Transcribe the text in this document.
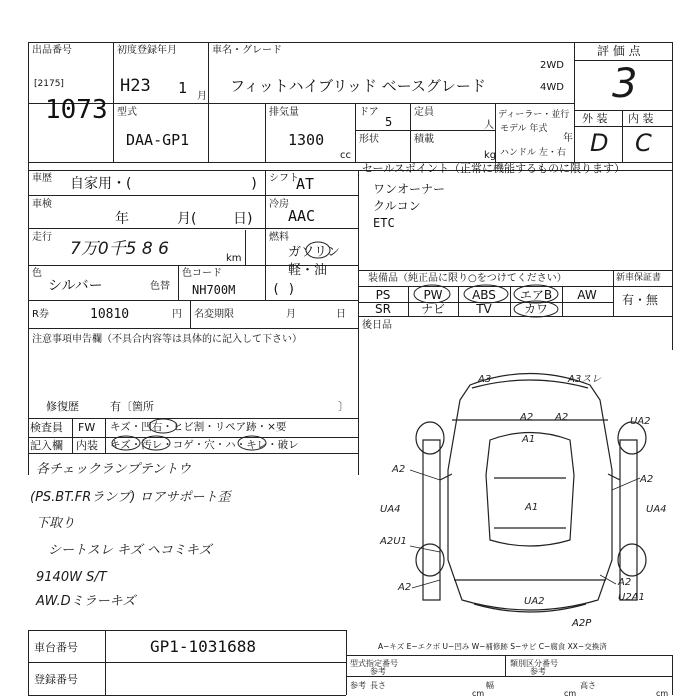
出品番号
[2175]
1073
初度登録年月
H23 1 月
車名・グレード
フィットハイブリッド ベースグレード
2WD
4WD
評 価 点
3
型式
DAA-GP1
排気量
1300
cc
ドア
5
定員
人
形状	積載
kg
ディーラー・並行
モデル 年式
年
ハンドル 左・右
外 装 内 装
D C
車歴 自家用・(	) シフト
AT
車検
年	月(	日)
冷房
AAC
走行
7万0千5 8 6	km
燃料
ガソリン
軽・油
( )
色
シルバー	色替
色コード
NH700M
セールスポイント（正常に機能するものに限ります）
ワンオーナー
クルコン
ETC
装備品（純正品に限り○をつけてください）
PS	PW	ABS	エアB	AW
SR	ナビ	TV	カワ
新車保証書
有・無
R券	10810	円 名変期限	月	日
後日品
注意事項申告欄（不具合内容等は具体的に記入して下さい）
修復歴	有〔箇所	〕
検査員
記入欄
FW
内装
キズ・凹右・ヒビ割・リペア跡・×要
キズ・汚レ・コゲ・穴・ハ・キレ・破レ
各チェックランプテントウ
(PS.BT.FRランプ) ロアサポート歪
下取り
シートスレ キズ ヘコミキズ
9140W S/T
AW.Dミラーキズ
A3	A3スレ
A1
A1
A2
A2
UA2
A2
A2
UA4	UA4
A2U1
A2
UA2
A2
U2A1
A2P
A−キズ E−エクボ U−凹み W−補修跡 S−サビ C−腐食 XX−交換済
車台番号	GP1-1031688
登録番号
型式指定番号
参考
類別区分番号
参考
参考 長さ
cm
幅
cm
高さ
cm
